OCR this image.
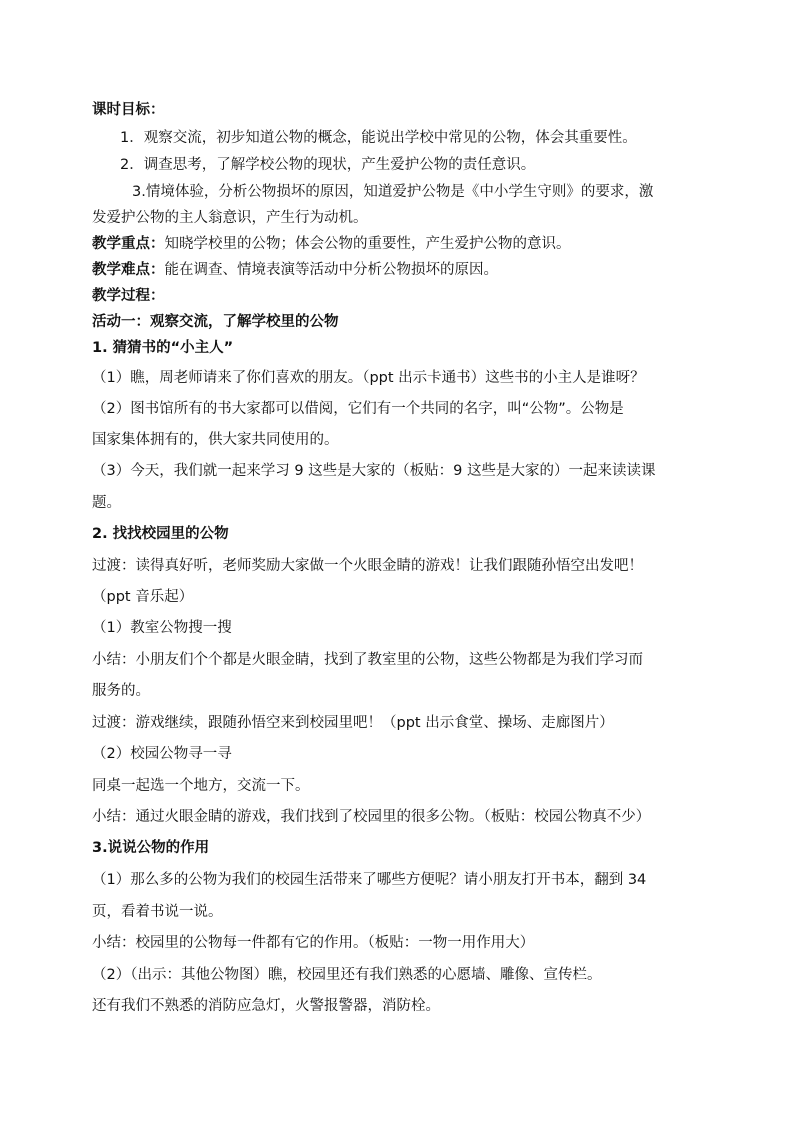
课时目标：
1．观察交流，初步知道公物的概念，能说出学校中常见的公物，体会其重要性。
2．调查思考，了解学校公物的现状，产生爱护公物的责任意识。
3.情境体验，分析公物损坏的原因，知道爱护公物是《中小学生守则》的要求，激
发爱护公物的主人翁意识，产生行为动机。
教学重点：知晓学校里的公物；体会公物的重要性，产生爱护公物的意识。
教学难点：能在调查、情境表演等活动中分析公物损坏的原因。
教学过程：
活动一：观察交流，了解学校里的公物
1. 猜猜书的“小主人”
（1）瞧，周老师请来了你们喜欢的朋友。（ppt 出示卡通书）这些书的小主人是谁呀？
（2）图书馆所有的书大家都可以借阅，它们有一个共同的名字，叫“公物”。公物是
国家集体拥有的，供大家共同使用的。
（3）今天，我们就一起来学习 9 这些是大家的（板贴：9 这些是大家的）一起来读读课
题。
2. 找找校园里的公物
过渡：读得真好听，老师奖励大家做一个火眼金睛的游戏！让我们跟随孙悟空出发吧！
（ppt 音乐起）
（1）教室公物搜一搜
小结：小朋友们个个都是火眼金睛，找到了教室里的公物，这些公物都是为我们学习而
服务的。
过渡：游戏继续，跟随孙悟空来到校园里吧！（ppt 出示食堂、操场、走廊图片）
（2）校园公物寻一寻
同桌一起选一个地方，交流一下。
小结：通过火眼金睛的游戏，我们找到了校园里的很多公物。（板贴：校园公物真不少）
3.说说公物的作用
（1）那么多的公物为我们的校园生活带来了哪些方便呢？请小朋友打开书本，翻到 34
页，看着书说一说。
小结：校园里的公物每一件都有它的作用。（板贴：一物一用作用大）
（2）（出示：其他公物图）瞧，校园里还有我们熟悉的心愿墙、雕像、宣传栏。
还有我们不熟悉的消防应急灯，火警报警器，消防栓。
